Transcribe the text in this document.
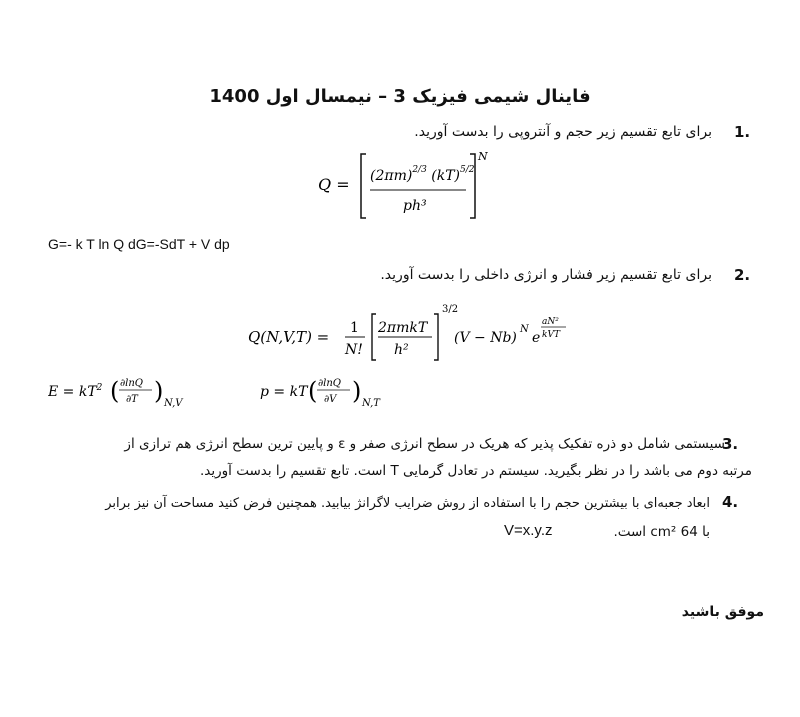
فاینال شیمی فیزیک 3 – نیمسال اول 1400
برای تابع تقسیم زیر حجم و آنتروپی را بدست آورید. 1.
$Q = (2\pi m)^{2/3}$ (kT)$^{5/2}$
ph³
N
G=- k T ln Q dG=-SdT + V dp
برای تابع تقسیم زیر فشار و انرژی داخلی را بدست آورید. 2.
Q(N,V,T) = 1
N!
2πmkT
h²
3/2
(V − Nb)
N
e
aN²
kVT
$E = kT^2$ ( ∂lnQ
∂T ) N,V
p = kT ( ∂lnQ
∂V ) N,T
سیستمی شامل دو ذره تفکیک پذیر که هریک در سطح انرژی صفر و ε و پایین ترین سطح انرژی هم ترازی از
3.
مرتبه دوم می باشد را در نظر بگیرید. سیستم در تعادل گرمایی T است. تابع تقسیم را بدست آورید.
ابعاد جعبه‌ای با بیشترین حجم را با استفاده از روش ضرایب لاگرانژ بیابید. همچنین فرض کنید مساحت آن نیز برابر 4.
با 64 cm² است.
V=x.y.z
موفق باشید
